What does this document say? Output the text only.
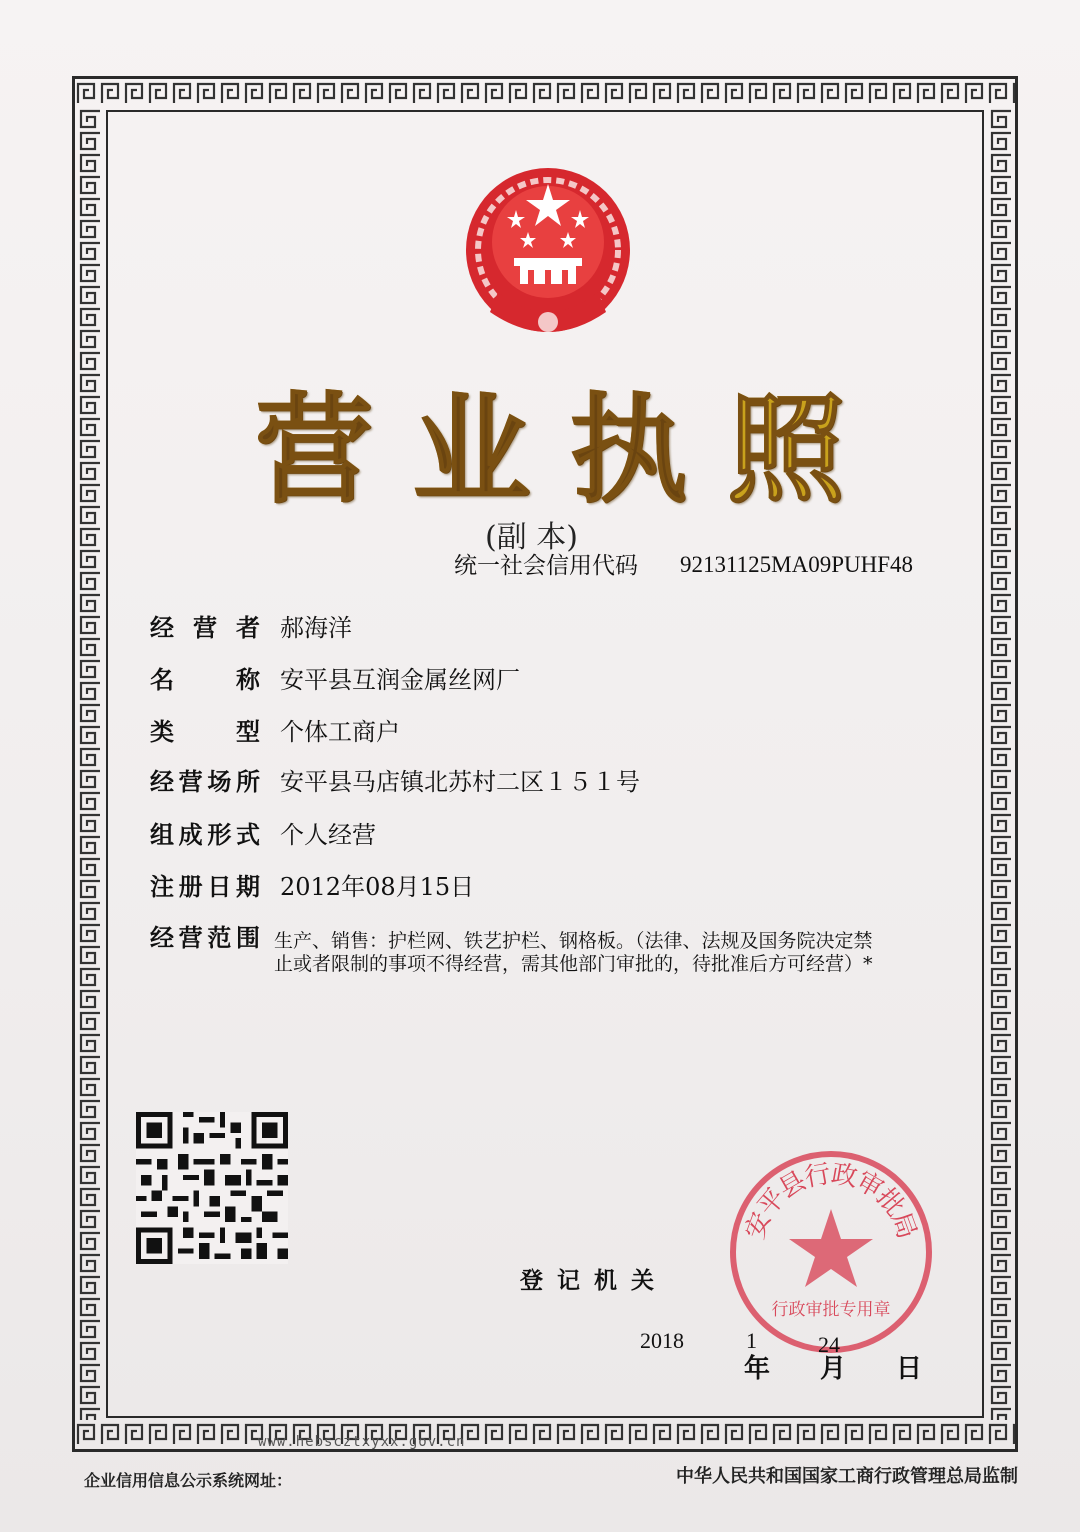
营 业 执 照
(副 本)
统一社会信用代码 92131125MA09PUHF48
经 营 者 郝海洋
名	称 安平县互润金属丝网厂
类	型 个体工商户
经 营 场 所 安平县马店镇北苏村二区１５１号
组 成 形 式 个人经营
注 册 日 期 2012年08月15日
经 营 范 围 生产、销售：护栏网、铁艺护栏、钢格板。（法律、法规及国务院决定禁止或者限制的事项不得经营，需其他部门审批的，待批准后方可经营）*
登记机关
安
平
县
行
政
审
批
局
行政审批专用章
2018	1	24
年 月 日
www.hebscztxyxx.gov.cn
企业信用信息公示系统网址：	中华人民共和国国家工商行政管理总局监制
